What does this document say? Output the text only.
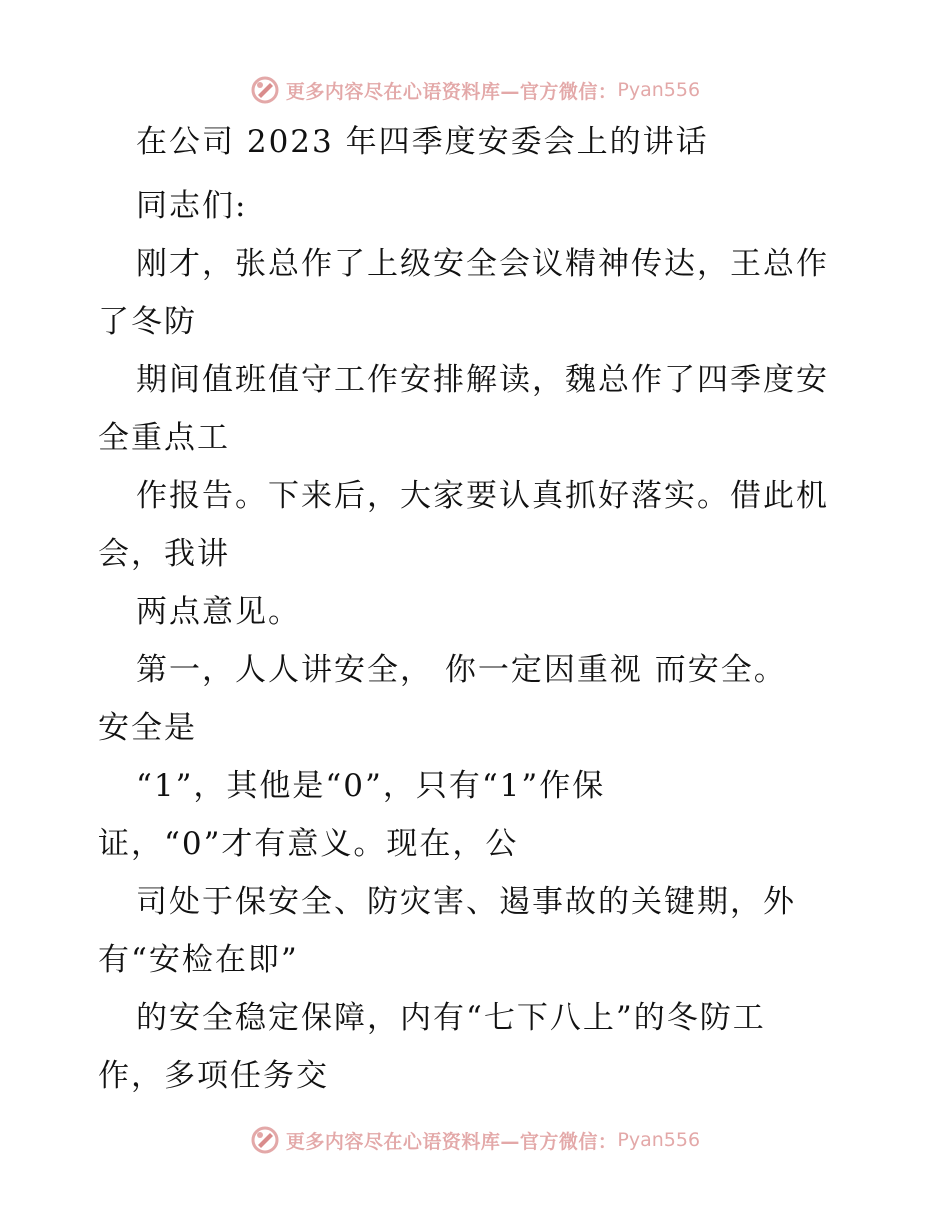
更多内容尽在心语资料库—官方微信： Pyan556
在公司 2023 年四季度安委会上的讲话
同志们:
刚才，张总作了上级安全会议精神传达，王总作
了冬防
期间值班值守工作安排解读，魏总作了四季度安
全重点工
作报告。下来后，大家要认真抓好落实。借此机
会，我讲
两点意见。
第一，人人讲安全， 你一定因重视 而安全。
安全是
“1”，其他是“0”，只有“1”作保
证，“0”才有意义。现在，公
司处于保安全、防灾害、遏事故的关键期，外
有“安检在即”
的安全稳定保障，内有“七下八上”的冬防工
作，多项任务交
更多内容尽在心语资料库—官方微信： Pyan556
